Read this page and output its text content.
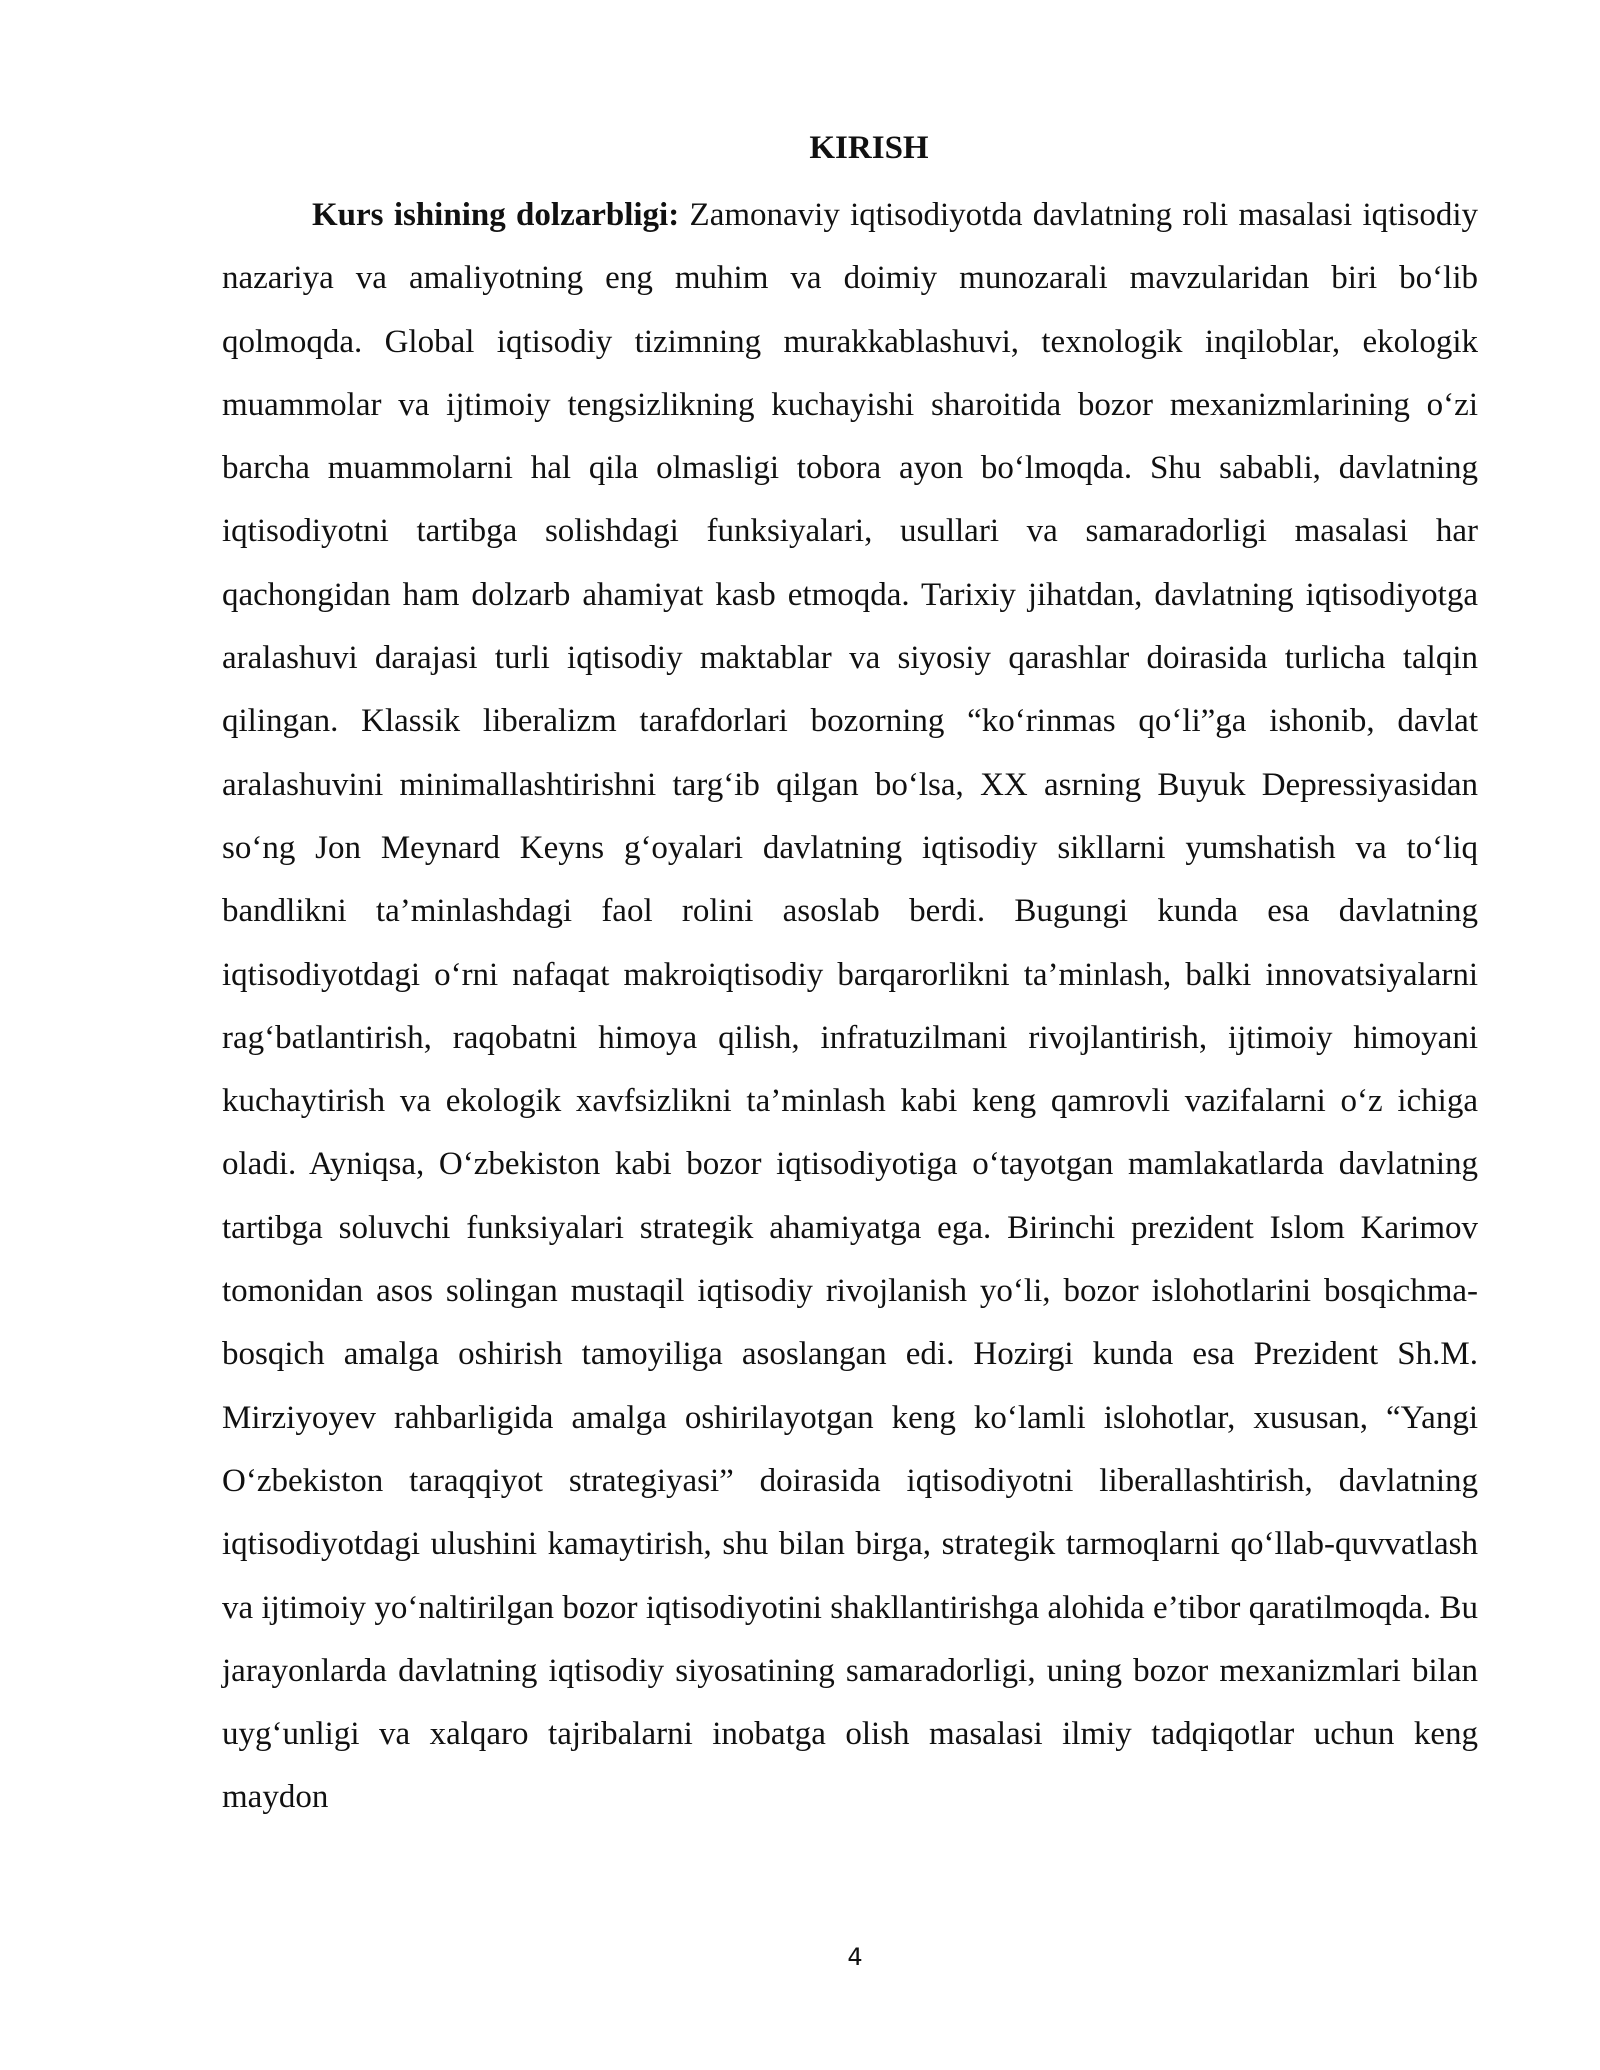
KIRISH

Kurs ishining dolzarbligi: Zamonaviy iqtisodiyotda davlatning roli masalasi iqtisodiy nazariya va amaliyotning eng muhim va doimiy munozarali mavzularidan biri bo‘lib qolmoqda. Global iqtisodiy tizimning murakkablashuvi, texnologik inqiloblar, ekologik muammolar va ijtimoiy tengsizlikning kuchayishi sharoitida bozor mexanizmlarining o‘zi barcha muammolarni hal qila olmasligi tobora ayon bo‘lmoqda. Shu sababli, davlatning iqtisodiyotni tartibga solishdagi funksiyalari, usullari va samaradorligi masalasi har qachongidan ham dolzarb ahamiyat kasb etmoqda. Tarixiy jihatdan, davlatning iqtisodiyotga aralashuvi darajasi turli iqtisodiy maktablar va siyosiy qarashlar doirasida turlicha talqin qilingan. Klassik liberalizm tarafdorlari bozorning “ko‘rinmas qo‘li”ga ishonib, davlat aralashuvini minimallashtirishni targ‘ib qilgan bo‘lsa, XX asrning Buyuk Depressiyasidan so‘ng Jon Meynard Keyns g‘oyalari davlatning iqtisodiy sikllarni yumshatish va to‘liq bandlikni ta’minlashdagi faol rolini asoslab berdi. Bugungi kunda esa davlatning iqtisodiyotdagi o‘rni nafaqat makroiqtisodiy barqarorlikni ta’minlash, balki innovatsiyalarni rag‘batlantirish, raqobatni himoya qilish, infratuzilmani rivojlantirish, ijtimoiy himoyani kuchaytirish va ekologik xavfsizlikni ta’minlash kabi keng qamrovli vazifalarni o‘z ichiga oladi. Ayniqsa, O‘zbekiston kabi bozor iqtisodiyotiga o‘tayotgan mamlakatlarda davlatning tartibga soluvchi funksiyalari strategik ahamiyatga ega. Birinchi prezident Islom Karimov tomonidan asos solingan mustaqil iqtisodiy rivojlanish yo‘li, bozor islohotlarini bosqichma-bosqich amalga oshirish tamoyiliga asoslangan edi. Hozirgi kunda esa Prezident Sh.M. Mirziyoyev rahbarligida amalga oshirilayotgan keng ko‘lamli islohotlar, xususan, “Yangi O‘zbekiston taraqqiyot strategiyasi” doirasida iqtisodiyotni liberallashtirish, davlatning iqtisodiyotdagi ulushini kamaytirish, shu bilan birga, strategik tarmoqlarni qo‘llab-quvvatlash va ijtimoiy yo‘naltirilgan bozor iqtisodiyotini shakllantirishga alohida e’tibor qaratilmoqda. Bu jarayonlarda davlatning iqtisodiy siyosatining samaradorligi, uning bozor mexanizmlari bilan uyg‘unligi va xalqaro tajribalarni inobatga olish masalasi ilmiy tadqiqotlar uchun keng maydon

4
